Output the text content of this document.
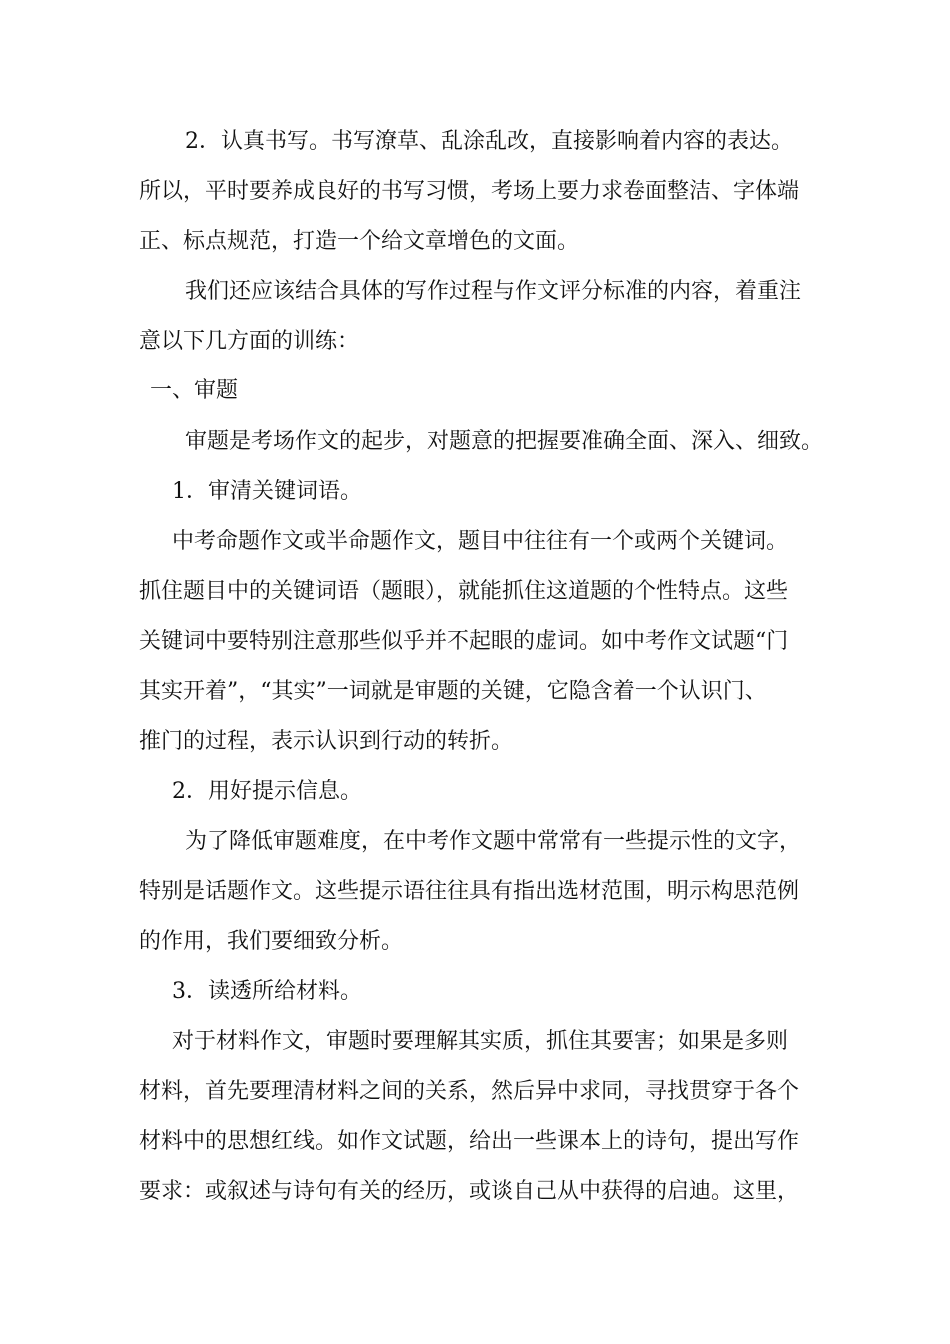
2．认真书写。书写潦草、乱涂乱改，直接影响着内容的表达。

所以，平时要养成良好的书写习惯，考场上要力求卷面整洁、字体端

正、标点规范，打造一个给文章增色的文面。

我们还应该结合具体的写作过程与作文评分标准的内容，着重注

意以下几方面的训练：

一、审题

审题是考场作文的起步，对题意的把握要准确全面、深入、细致。

1．审清关键词语。

中考命题作文或半命题作文，题目中往往有一个或两个关键词。

抓住题目中的关键词语（题眼），就能抓住这道题的个性特点。这些

关键词中要特别注意那些似乎并不起眼的虚词。如中考作文试题“门

其实开着”，“其实”一词就是审题的关键，它隐含着一个认识门、

推门的过程，表示认识到行动的转折。

2．用好提示信息。

为了降低审题难度，在中考作文题中常常有一些提示性的文字，

特别是话题作文。这些提示语往往具有指出选材范围，明示构思范例

的作用，我们要细致分析。

3．读透所给材料。

对于材料作文，审题时要理解其实质，抓住其要害；如果是多则

材料，首先要理清材料之间的关系，然后异中求同，寻找贯穿于各个

材料中的思想红线。如作文试题，给出一些课本上的诗句，提出写作

要求：或叙述与诗句有关的经历，或谈自己从中获得的启迪。这里，
